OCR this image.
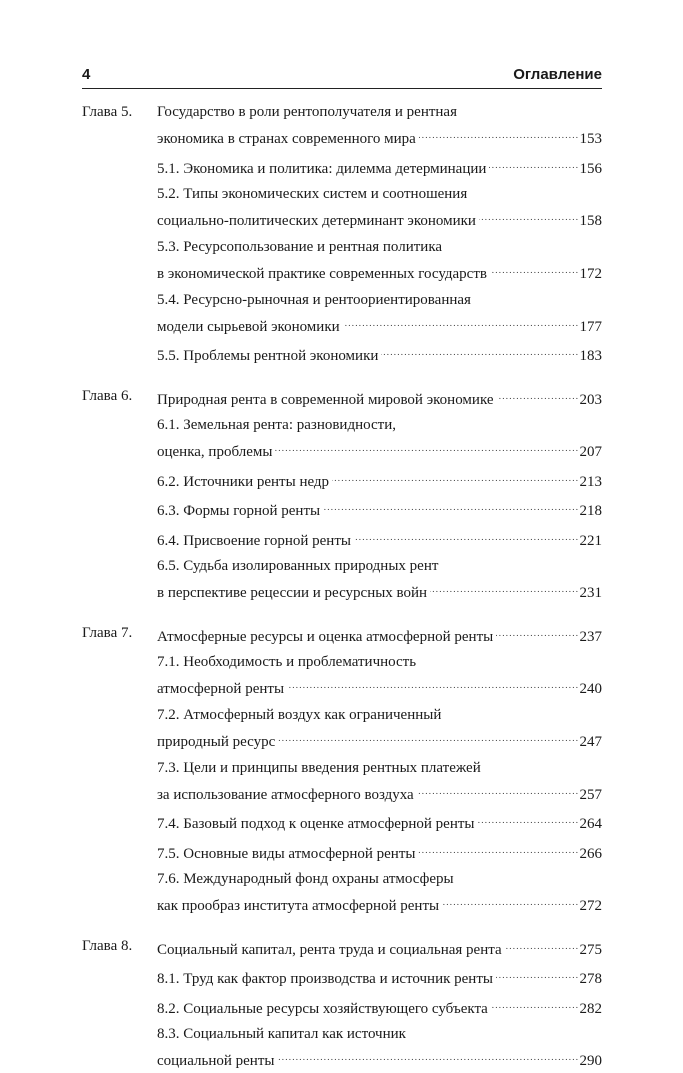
4	Оглавление
Глава 5. Государство в роли рентополучателя и рентная
экономика в странах современного мира . . .	153
5.1. Экономика и политика: дилемма детерминации . . .	156
5.2. Типы экономических систем и соотношения
социально-политических детерминант экономики . . .	158
5.3. Ресурсопользование и рентная политика
в экономической практике современных государств . . .	172
5.4. Ресурсно-рыночная и рентоориентированная
модели сырьевой экономики . . .	177
5.5. Проблемы рентной экономики . . .	183
Глава 6. Природная рента в современной мировой экономике . . .	203
6.1. Земельная рента: разновидности,
оценка, проблемы . . .	207
6.2. Источники ренты недр . . .	213
6.3. Формы горной ренты . . .	218
6.4. Присвоение горной ренты . . .	221
6.5. Судьба изолированных природных рент
в перспективе рецессии и ресурсных войн . . .	231
Глава 7. Атмосферные ресурсы и оценка атмосферной ренты . . .	237
7.1. Необходимость и проблематичность
атмосферной ренты . . .	240
7.2. Атмосферный воздух как ограниченный
природный ресурс . . .	247
7.3. Цели и принципы введения рентных платежей
за использование атмосферного воздуха . . .	257
7.4. Базовый подход к оценке атмосферной ренты . . .	264
7.5. Основные виды атмосферной ренты . . .	266
7.6. Международный фонд охраны атмосферы
как прообраз института атмосферной ренты . . .	272
Глава 8. Социальный капитал, рента труда и социальная рента . . .	275
8.1. Труд как фактор производства и источник ренты . . .	278
8.2. Социальные ресурсы хозяйствующего субъекта . . .	282
8.3. Социальный капитал как источник
социальной ренты . . .	290
